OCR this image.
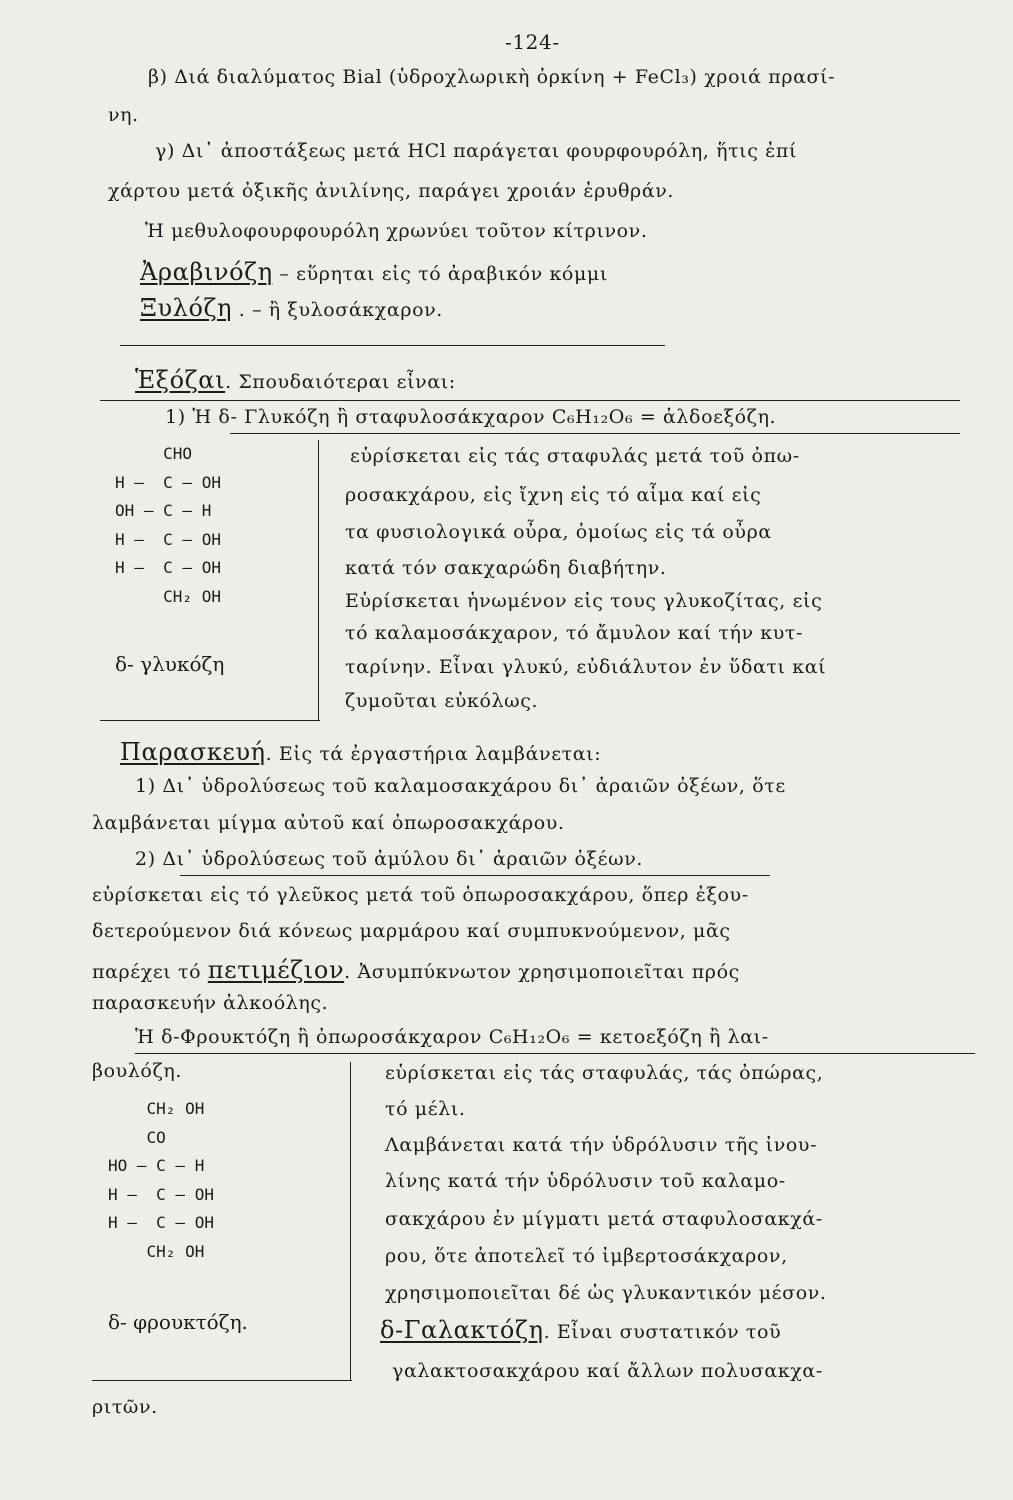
-124-
β) Διά διαλύματος Bial (ὑδροχλωρικὴ ὀρκίνη + FeCl₃) χροιά πρασί-
νη.
γ) Δι᾽ ἀποστάξεως μετά HCl παράγεται φουρφουρόλη, ἥτις ἐπί
χάρτου μετά ὀξικῆς ἀνιλίνης, παράγει χροιάν ἐρυθράν.
Ἡ μεθυλοφουρφουρόλη χρωνύει τοῦτον κίτρινον.
Ἀραβινόζη – εὕρηται εἰς τό ἀραβικόν κόμμι
Ξυλόζη . – ἢ ξυλοσάκχαρον.
Ἑξόζαι. Σπουδαιότεραι εἶναι:
1) Ἡ δ- Γλυκόζη ἢ σταφυλοσάκχαρον C₆H₁₂O₆ = ἀλδοεξόζη.
CHO
H —  C — OH
OH — C — H
H —  C — OH
H —  C — OH
CH₂ OH
δ- γλυκόζη
εὑρίσκεται εἰς τάς σταφυλάς μετά τοῦ ὀπω-
ροσακχάρου, εἰς ἴχνη εἰς τό αἷμα καί εἰς
τα φυσιολογικά οὖρα, ὁμοίως εἰς τά οὖρα
κατά τόν σακχαρώδη διαβήτην.
Εὑρίσκεται ἡνωμένον εἰς τους γλυκοζίτας, εἰς
τό καλαμοσάκχαρον, τό ἄμυλον καί τήν κυτ-
ταρίνην. Εἶναι γλυκύ, εὐδιάλυτον ἐν ὕδατι καί
ζυμοῦται εὐκόλως.
Παρασκευή. Εἰς τά ἐργαστήρια λαμβάνεται:
1) Δι᾽ ὑδρολύσεως τοῦ καλαμοσακχάρου δι᾽ ἀραιῶν ὀξέων, ὅτε
λαμβάνεται μίγμα αὐτοῦ καί ὀπωροσακχάρου.
2) Δι᾽ ὑδρολύσεως τοῦ ἀμύλου δι᾽ ἀραιῶν ὀξέων.
εὑρίσκεται εἰς τό γλεῦκος μετά τοῦ ὀπωροσακχάρου, ὅπερ ἐξου-
δετερούμενον διά κόνεως μαρμάρου καί συμπυκνούμενον, μᾶς
παρέχει τό πετιμέζιον. Ἀσυμπύκνωτον χρησιμοποιεῖται πρός
παρασκευήν ἀλκοόλης.
Ἡ δ-Φρουκτόζη ἢ ὀπωροσάκχαρον C₆H₁₂O₆ = κετοεξόζη ἢ λαι-
βουλόζη.
CH₂ OH
CO
HO — C — H
H —  C — OH
H —  C — OH
CH₂ OH
δ- φρουκτόζη.
εὑρίσκεται εἰς τάς σταφυλάς, τάς ὀπώρας,
τό μέλι.
Λαμβάνεται κατά τήν ὑδρόλυσιν τῆς ἰνου-
λίνης κατά τήν ὑδρόλυσιν τοῦ καλαμο-
σακχάρου ἐν μίγματι μετά σταφυλοσακχά-
ρου, ὅτε ἀποτελεῖ τό ἰμβερτοσάκχαρον,
χρησιμοποιεῖται δέ ὡς γλυκαντικόν μέσον.
δ-Γαλακτόζη. Εἶναι συστατικόν τοῦ
γαλακτοσακχάρου καί ἄλλων πολυσακχα-
ριτῶν.
